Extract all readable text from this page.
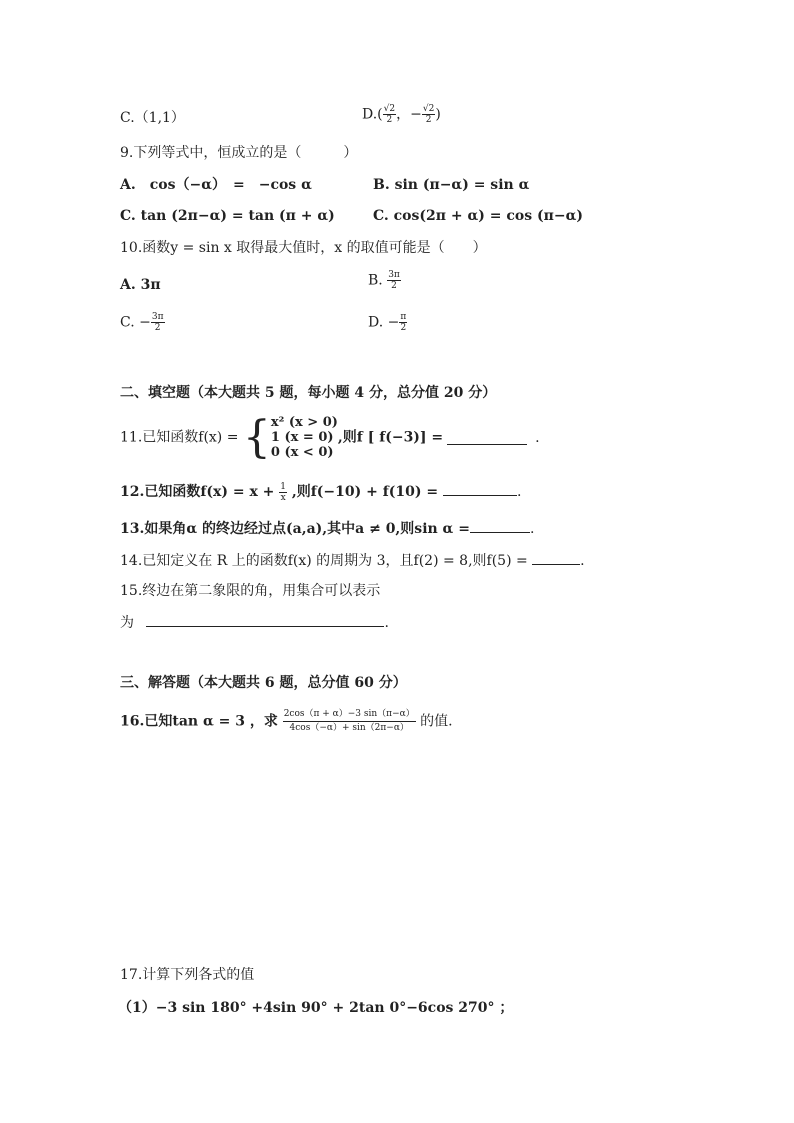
C.（1,1）	$D.( \frac{√2}{2}$ ，− $\frac{√2}{2}$ )
9.下列等式中，恒成立的是（　　　）
A.　cos（−α）　=　−cos α	B. sin (π−α) = sin α
C. tan (2π−α) = tan (π + α)	C. cos(2π + α) = cos (π−α)
10.函数y = sin x 取得最大值时，x 的取值可能是（　　）
A. 3π	B. $\frac{3\pi}{2}$
C. − $\frac{3\pi}{2}$	D. − $\frac{\pi}{2}$
二、填空题（本大题共 5 题，每小题 4 分，总分值 20 分）
11.已知函数f(x) = { x² (x > 0)
1 (x = 0)
0 (x < 0)
,则f [ f(−3)] =	.
12.已知函数$f(x) = x + \frac{1}{x}$ ,则f(−10) + f(10) =	.
13.如果角α 的终边经过点(a,a),其中a ≠ 0,则sin α =	.
14.已知定义在 R 上的函数f(x) 的周期为 3，且f(2) = 8,则f(5) =	.
15.终边在第二象限的角，用集合可以表示
为	.
三、解答题（本大题共 6 题，总分值 60 分）
16.已知tan α = 3 ，求 $\frac{2\cos(\pi + \alpha)-3 \sin(\pi-\alpha)}{4\cos(-\alpha)+ \sin(2\pi-\alpha)}$ 的值.
17.计算下列各式的值
（1）−3 sin 180° +4sin 90° + 2tan 0°−6cos 270° ；
